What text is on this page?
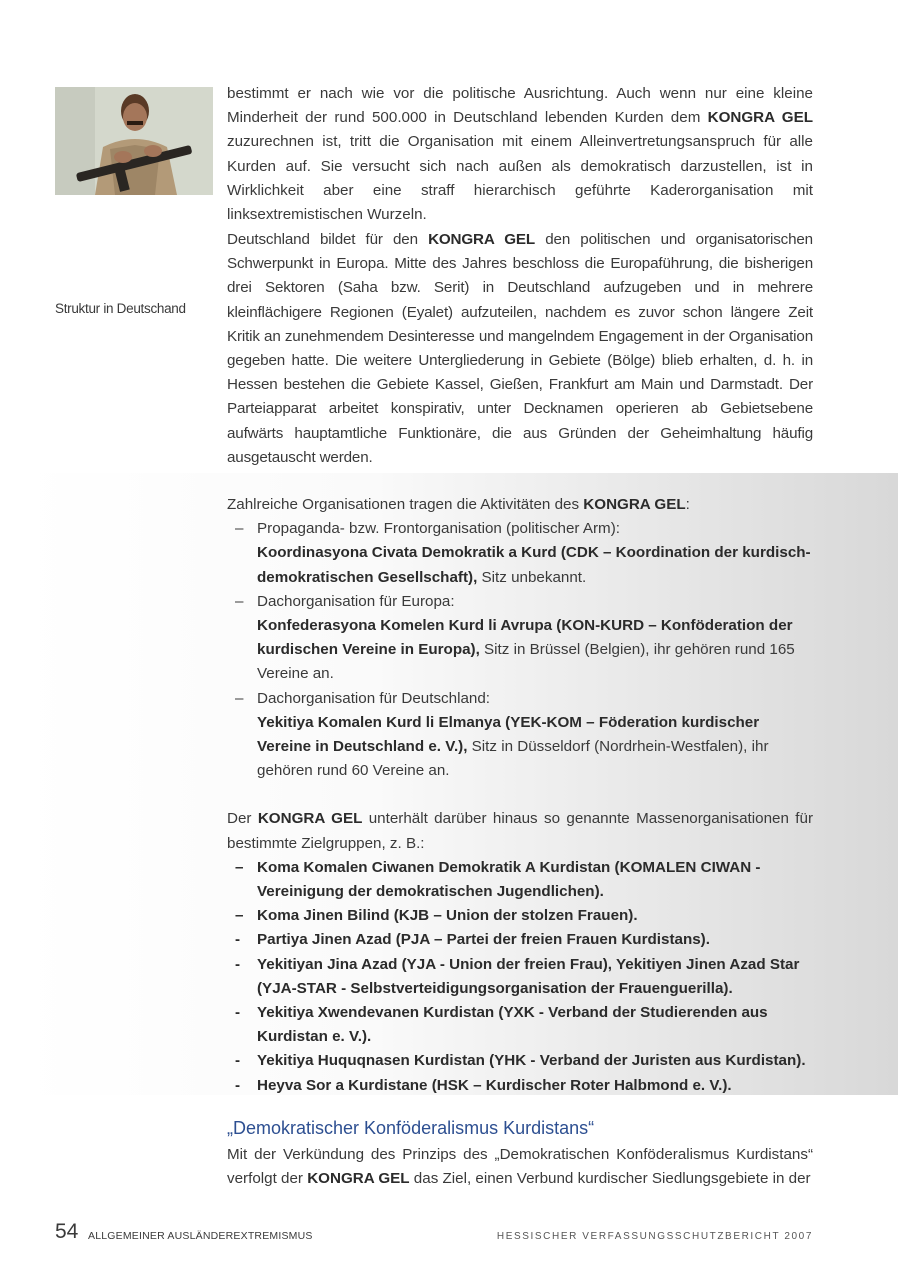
Struktur in Deutschand

bestimmt er nach wie vor die politische Ausrichtung. Auch wenn nur eine kleine Minderheit der rund 500.000 in Deutschland lebenden Kurden dem KONGRA GEL zuzurechnen ist, tritt die Organisation mit einem Alleinvertretungsanspruch für alle Kurden auf. Sie versucht sich nach außen als demokratisch darzustellen, ist in Wirklichkeit aber eine straff hierarchisch geführte Kaderorganisation mit linksextremistischen Wurzeln.

Deutschland bildet für den KONGRA GEL den politischen und organisatorischen Schwerpunkt in Europa. Mitte des Jahres beschloss die Europaführung, die bisherigen drei Sektoren (Saha bzw. Serit) in Deutschland aufzugeben und in mehrere kleinflächigere Regionen (Eyalet) aufzuteilen, nachdem es zuvor schon längere Zeit Kritik an zunehmendem Desinteresse und mangelndem Engagement in der Organisation gegeben hatte. Die weitere Untergliederung in Gebiete (Bölge) blieb erhalten, d. h. in Hessen bestehen die Gebiete Kassel, Gießen, Frankfurt am Main und Darmstadt. Der Parteiapparat arbeitet konspirativ, unter Decknamen operieren ab Gebietsebene aufwärts hauptamtliche Funktionäre, die aus Gründen der Geheimhaltung häufig ausgetauscht werden.

Zahlreiche Organisationen tragen die Aktivitäten des KONGRA GEL:
– Propaganda- bzw. Frontorganisation (politischer Arm):
Koordinasyona Civata Demokratik a Kurd (CDK – Koordination der kurdisch-demokratischen Gesellschaft), Sitz unbekannt.
– Dachorganisation für Europa:
Konfederasyona Komelen Kurd li Avrupa (KON-KURD – Konföderation der kurdischen Vereine in Europa), Sitz in Brüssel (Belgien), ihr gehören rund 165 Vereine an.
– Dachorganisation für Deutschland:
Yekitiya Komalen Kurd li Elmanya (YEK-KOM – Föderation kurdischer Vereine in Deutschland e. V.), Sitz in Düsseldorf (Nordrhein-Westfalen), ihr gehören rund 60 Vereine an.
Der KONGRA GEL unterhält darüber hinaus so genannte Massenorganisationen für bestimmte Zielgruppen, z. B.:
– Koma Komalen Ciwanen Demokratik A Kurdistan (KOMALEN CIWAN - Vereinigung der demokratischen Jugendlichen).
– Koma Jinen Bilind (KJB – Union der stolzen Frauen).
- Partiya Jinen Azad (PJA – Partei der freien Frauen Kurdistans).
- Yekitiyan Jina Azad (YJA - Union der freien Frau), Yekitiyen Jinen Azad Star (YJA-STAR - Selbstverteidigungsorganisation der Frauenguerilla).
- Yekitiya Xwendevanen Kurdistan (YXK - Verband der Studierenden aus Kurdistan e. V.).
- Yekitiya Huquqnasen Kurdistan (YHK - Verband der Juristen aus Kurdistan).
- Heyva Sor a Kurdistane (HSK – Kurdischer Roter Halbmond e. V.).
„Demokratischer Konföderalismus Kurdistans“

Mit der Verkündung des Prinzips des „Demokratischen Konföderalismus Kurdistans“ verfolgt der KONGRA GEL das Ziel, einen Verbund kurdischer Siedlungsgebiete in der

54 ALLGEMEINER AUSLÄNDEREXTREMISMUS	HESSISCHER VERFASSUNGSSCHUTZBERICHT 2007
